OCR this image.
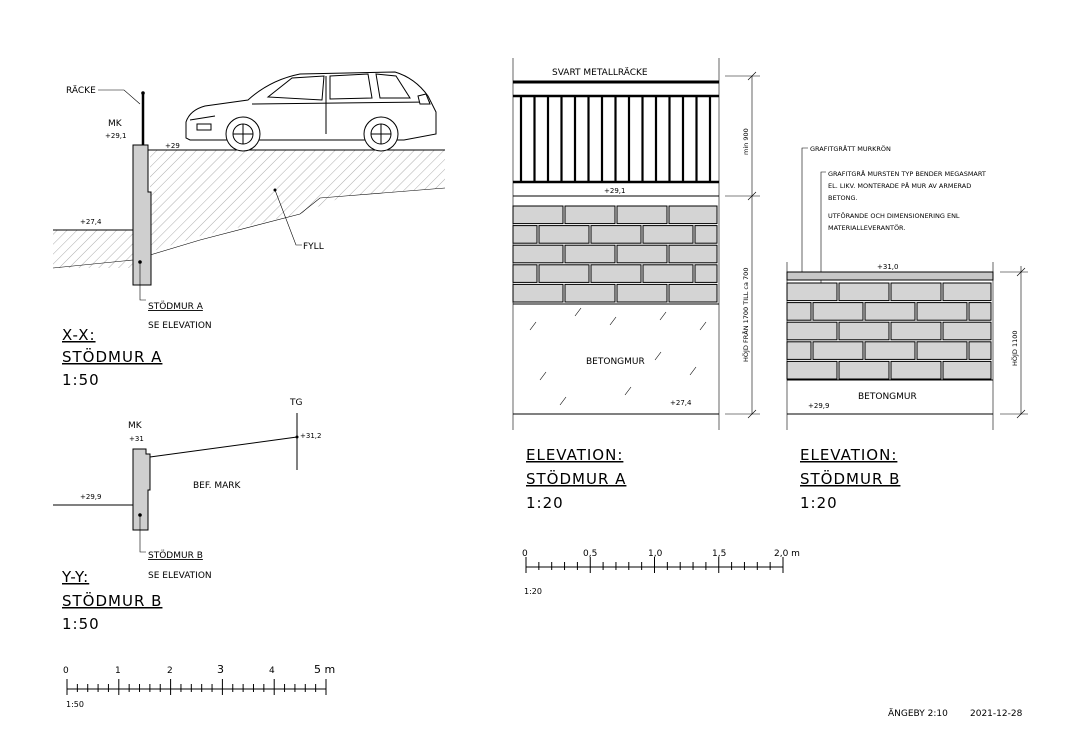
RÄCKE
MK
+29,1
+29
+27,4
FYLL
STÖDMUR A
SE ELEVATION
X-X:
STÖDMUR A
1:50
TG
+31,2
MK
+31
+29,9
BEF. MARK
STÖDMUR B
SE ELEVATION
Y-Y:
STÖDMUR B
1:50
0	1	2	3	4	5 m
1:50
SVART METALLRÄCKE
+29,1
BETONGMUR
+27,4
min 900
HÖJD FRÅN 1700 TILL ca 700
ELEVATION:
STÖDMUR A
1:20
GRAFITGRÅTT MURKRÖN
GRAFITGRÅ MURSTEN TYP BENDER MEGASMART EL. LIKV. MONTERADE PÅ MUR AV ARMERAD BETONG.
UTFÖRANDE OCH DIMENSIONERING ENL MATERIALLEVERANTÖR.
+31,0
BETONGMUR
+29,9
HÖJD 1100
ELEVATION:
STÖDMUR B
1:20
0	0,5	1,0	1,5	2,0 m
1:20
ÄNGEBY 2:10 2021-12-28
